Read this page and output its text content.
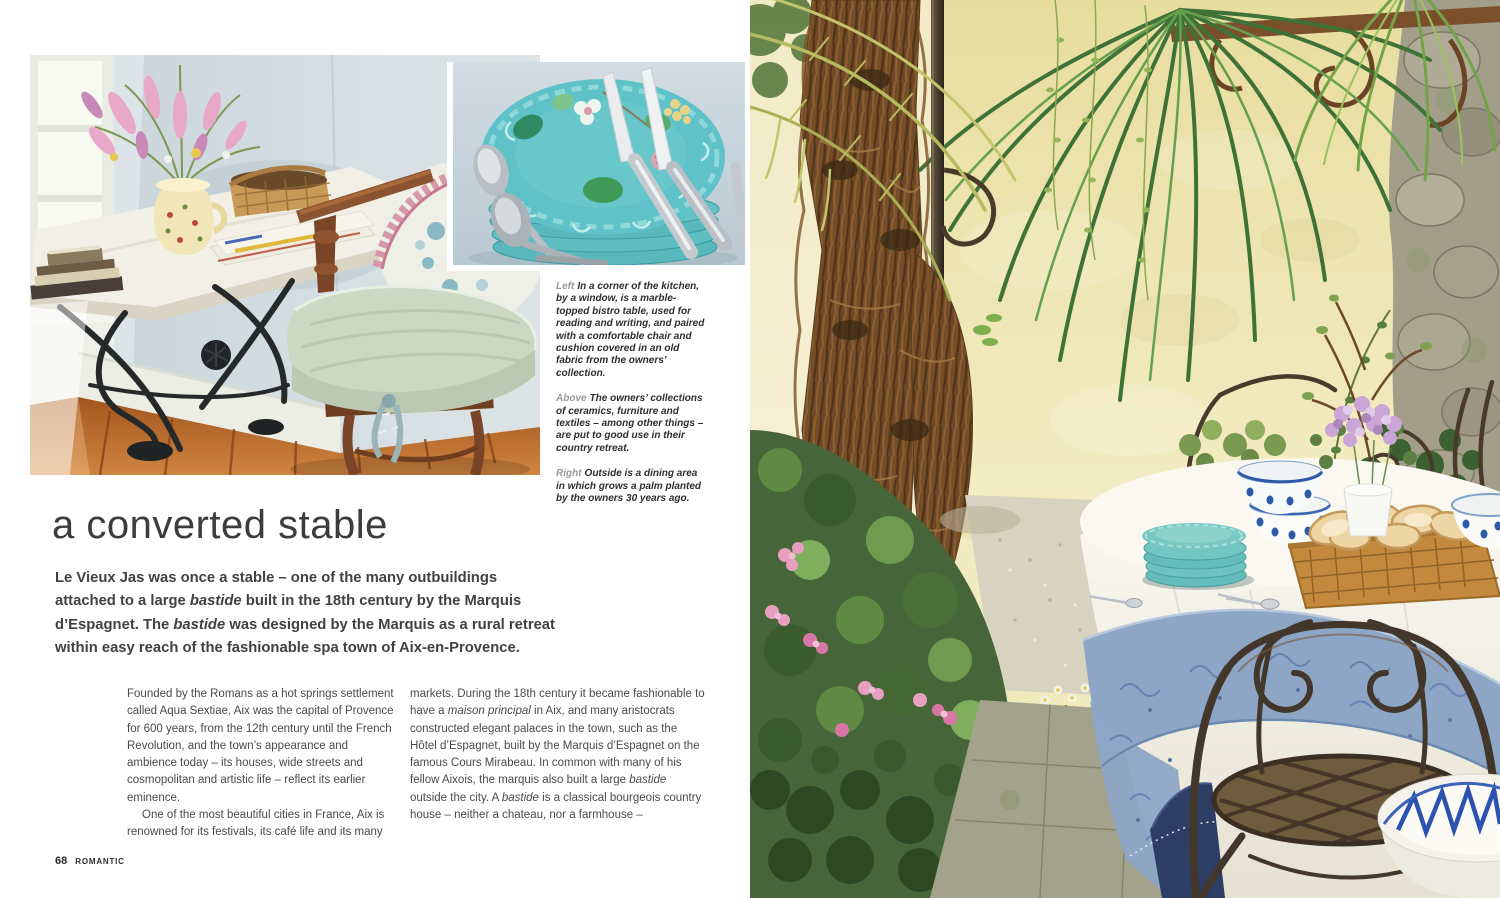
Left In a corner of the kitchen, by a window, is a marble-topped bistro table, used for reading and writing, and paired with a comfortable chair and cushion covered in an old fabric from the owners’ collection.

Above The owners’ collections of ceramics, furniture and textiles – among other things – are put to good use in their country retreat.

Right Outside is a dining area in which grows a palm planted by the owners 30 years ago.

a converted stable

Le Vieux Jas was once a stable – one of the many outbuildings attached to a large bastide built in the 18th century by the Marquis d’Espagnet. The bastide was designed by the Marquis as a rural retreat within easy reach of the fashionable spa town of Aix-en-Provence.

Founded by the Romans as a hot springs settlement called Aqua Sextiae, Aix was the capital of Provence for 600 years, from the 12th century until the French Revolution, and the town’s appearance and ambience today – its houses, wide streets and cosmopolitan and artistic life – reflect its earlier eminence.

One of the most beautiful cities in France, Aix is renowned for its festivals, its café life and its many

markets. During the 18th century it became fashionable to have a maison principal in Aix, and many aristocrats constructed elegant palaces in the town, such as the Hôtel d’Espagnet, built by the Marquis d’Espagnet on the famous Cours Mirabeau. In common with many of his fellow Aixois, the marquis also built a large bastide outside the city. A bastide is a classical bourgeois country house – neither a chateau, nor a farmhouse –

68 ROMANTIC
